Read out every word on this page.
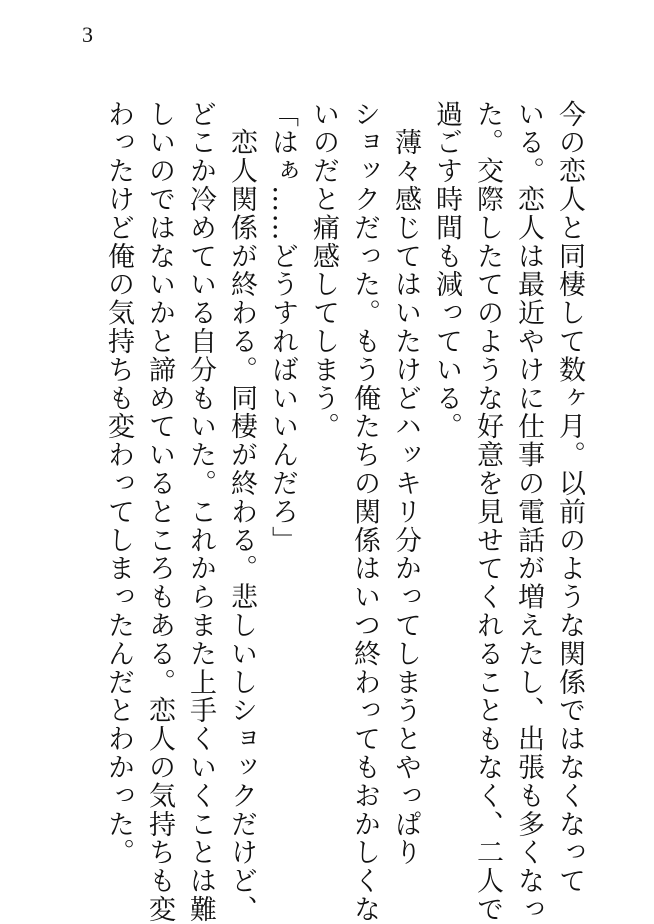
3
今の恋人と同棲して数ヶ月。以前のような関係ではなくなって
いる。恋人は最近やけに仕事の電話が増えたし、出張も多くなっ
た。交際したてのような好意を見せてくれることもなく、二人で
過ごす時間も減っている。
　薄々感じてはいたけどハッキリ分かってしまうとやっぱり
ショックだった。もう俺たちの関係はいつ終わってもおかしくな
いのだと痛感してしまう。
「はぁ……どうすればいいんだろ」
　恋人関係が終わる。同棲が終わる。悲しいしショックだけど、
どこか冷めている自分もいた。これからまた上手くいくことは難
しいのではないかと諦めているところもある。恋人の気持ちも変
わったけど俺の気持ちも変わってしまったんだとわかった。
